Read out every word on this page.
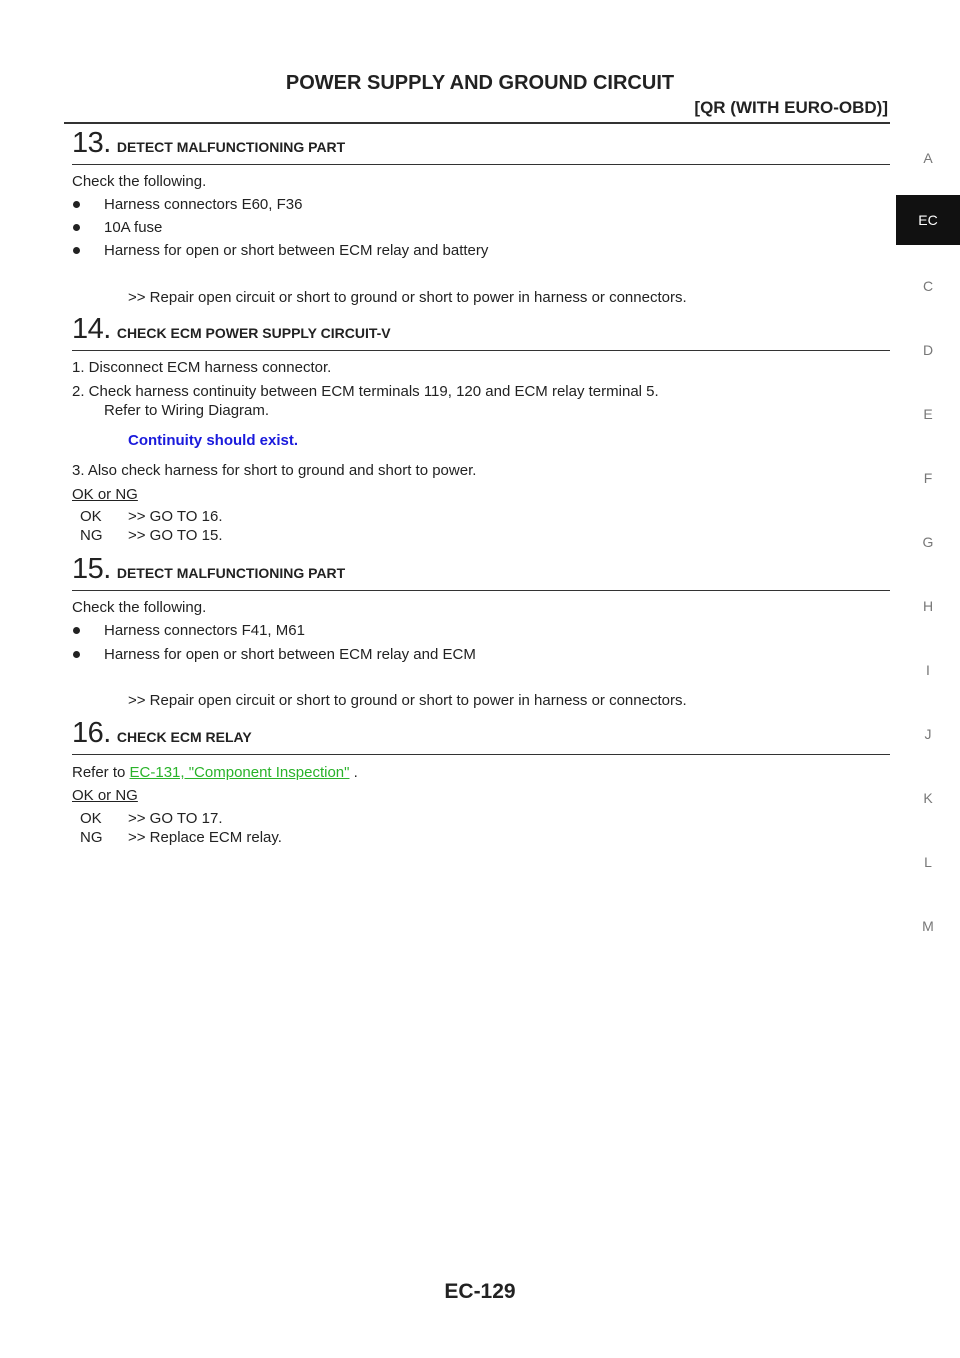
POWER SUPPLY AND GROUND CIRCUIT
[QR (WITH EURO-OBD)]
A
EC
C
D
E
F
G
H
I
J
K
L
M
13. DETECT MALFUNCTIONING PART
Check the following.
Harness connectors E60, F36
10A fuse
Harness for open or short between ECM relay and battery
>> Repair open circuit or short to ground or short to power in harness or connectors.
14. CHECK ECM POWER SUPPLY CIRCUIT-V
1. Disconnect ECM harness connector.
2. Check harness continuity between ECM terminals 119, 120 and ECM relay terminal 5.
Refer to Wiring Diagram.
Continuity should exist.
3. Also check harness for short to ground and short to power.
OK or NG
OK >> GO TO 16.
NG >> GO TO 15.
15. DETECT MALFUNCTIONING PART
Check the following.
Harness connectors F41, M61
Harness for open or short between ECM relay and ECM
>> Repair open circuit or short to ground or short to power in harness or connectors.
16. CHECK ECM RELAY
Refer to EC-131, "Component Inspection" .
OK or NG
OK >> GO TO 17.
NG >> Replace ECM relay.
EC-129
